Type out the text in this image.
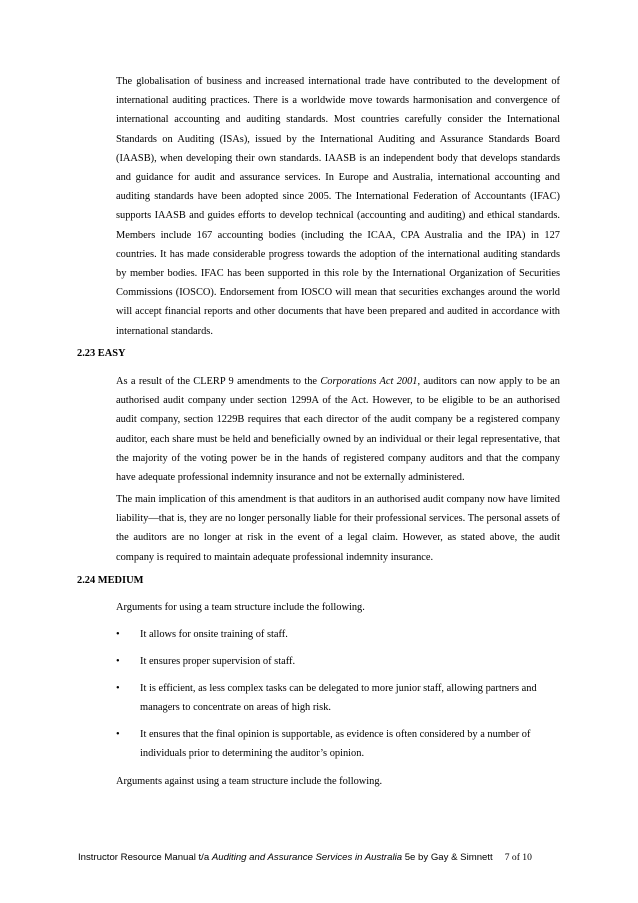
The globalisation of business and increased international trade have contributed to the development of international auditing practices. There is a worldwide move towards harmonisation and convergence of international accounting and auditing standards. Most countries carefully consider the International Standards on Auditing (ISAs), issued by the International Auditing and Assurance Standards Board (IAASB), when developing their own standards. IAASB is an independent body that develops standards and guidance for audit and assurance services. In Europe and Australia, international accounting and auditing standards have been adopted since 2005. The International Federation of Accountants (IFAC) supports IAASB and guides efforts to develop technical (accounting and auditing) and ethical standards. Members include 167 accounting bodies (including the ICAA, CPA Australia and the IPA) in 127 countries. It has made considerable progress towards the adoption of the international auditing standards by member bodies. IFAC has been supported in this role by the International Organization of Securities Commissions (IOSCO). Endorsement from IOSCO will mean that securities exchanges around the world will accept financial reports and other documents that have been prepared and audited in accordance with international standards.

2.23 EASY

As a result of the CLERP 9 amendments to the Corporations Act 2001, auditors can now apply to be an authorised audit company under section 1299A of the Act. However, to be eligible to be an authorised audit company, section 1229B requires that each director of the audit company be a registered company auditor, each share must be held and beneficially owned by an individual or their legal representative, that the majority of the voting power be in the hands of registered company auditors and that the company have adequate professional indemnity insurance and not be externally administered.

The main implication of this amendment is that auditors in an authorised audit company now have limited liability—that is, they are no longer personally liable for their professional services. The personal assets of the auditors are no longer at risk in the event of a legal claim. However, as stated above, the audit company is required to maintain adequate professional indemnity insurance.

2.24 MEDIUM

Arguments for using a team structure include the following.

•	It allows for onsite training of staff.
•	It ensures proper supervision of staff.
•	It is efficient, as less complex tasks can be delegated to more junior staff, allowing partners and managers to concentrate on areas of high risk.
•	It ensures that the final opinion is supportable, as evidence is often considered by a number of individuals prior to determining the auditor’s opinion.

Arguments against using a team structure include the following.

Instructor Resource Manual t/a Auditing and Assurance Services in Australia 5e by Gay & Simnett 7 of 10
